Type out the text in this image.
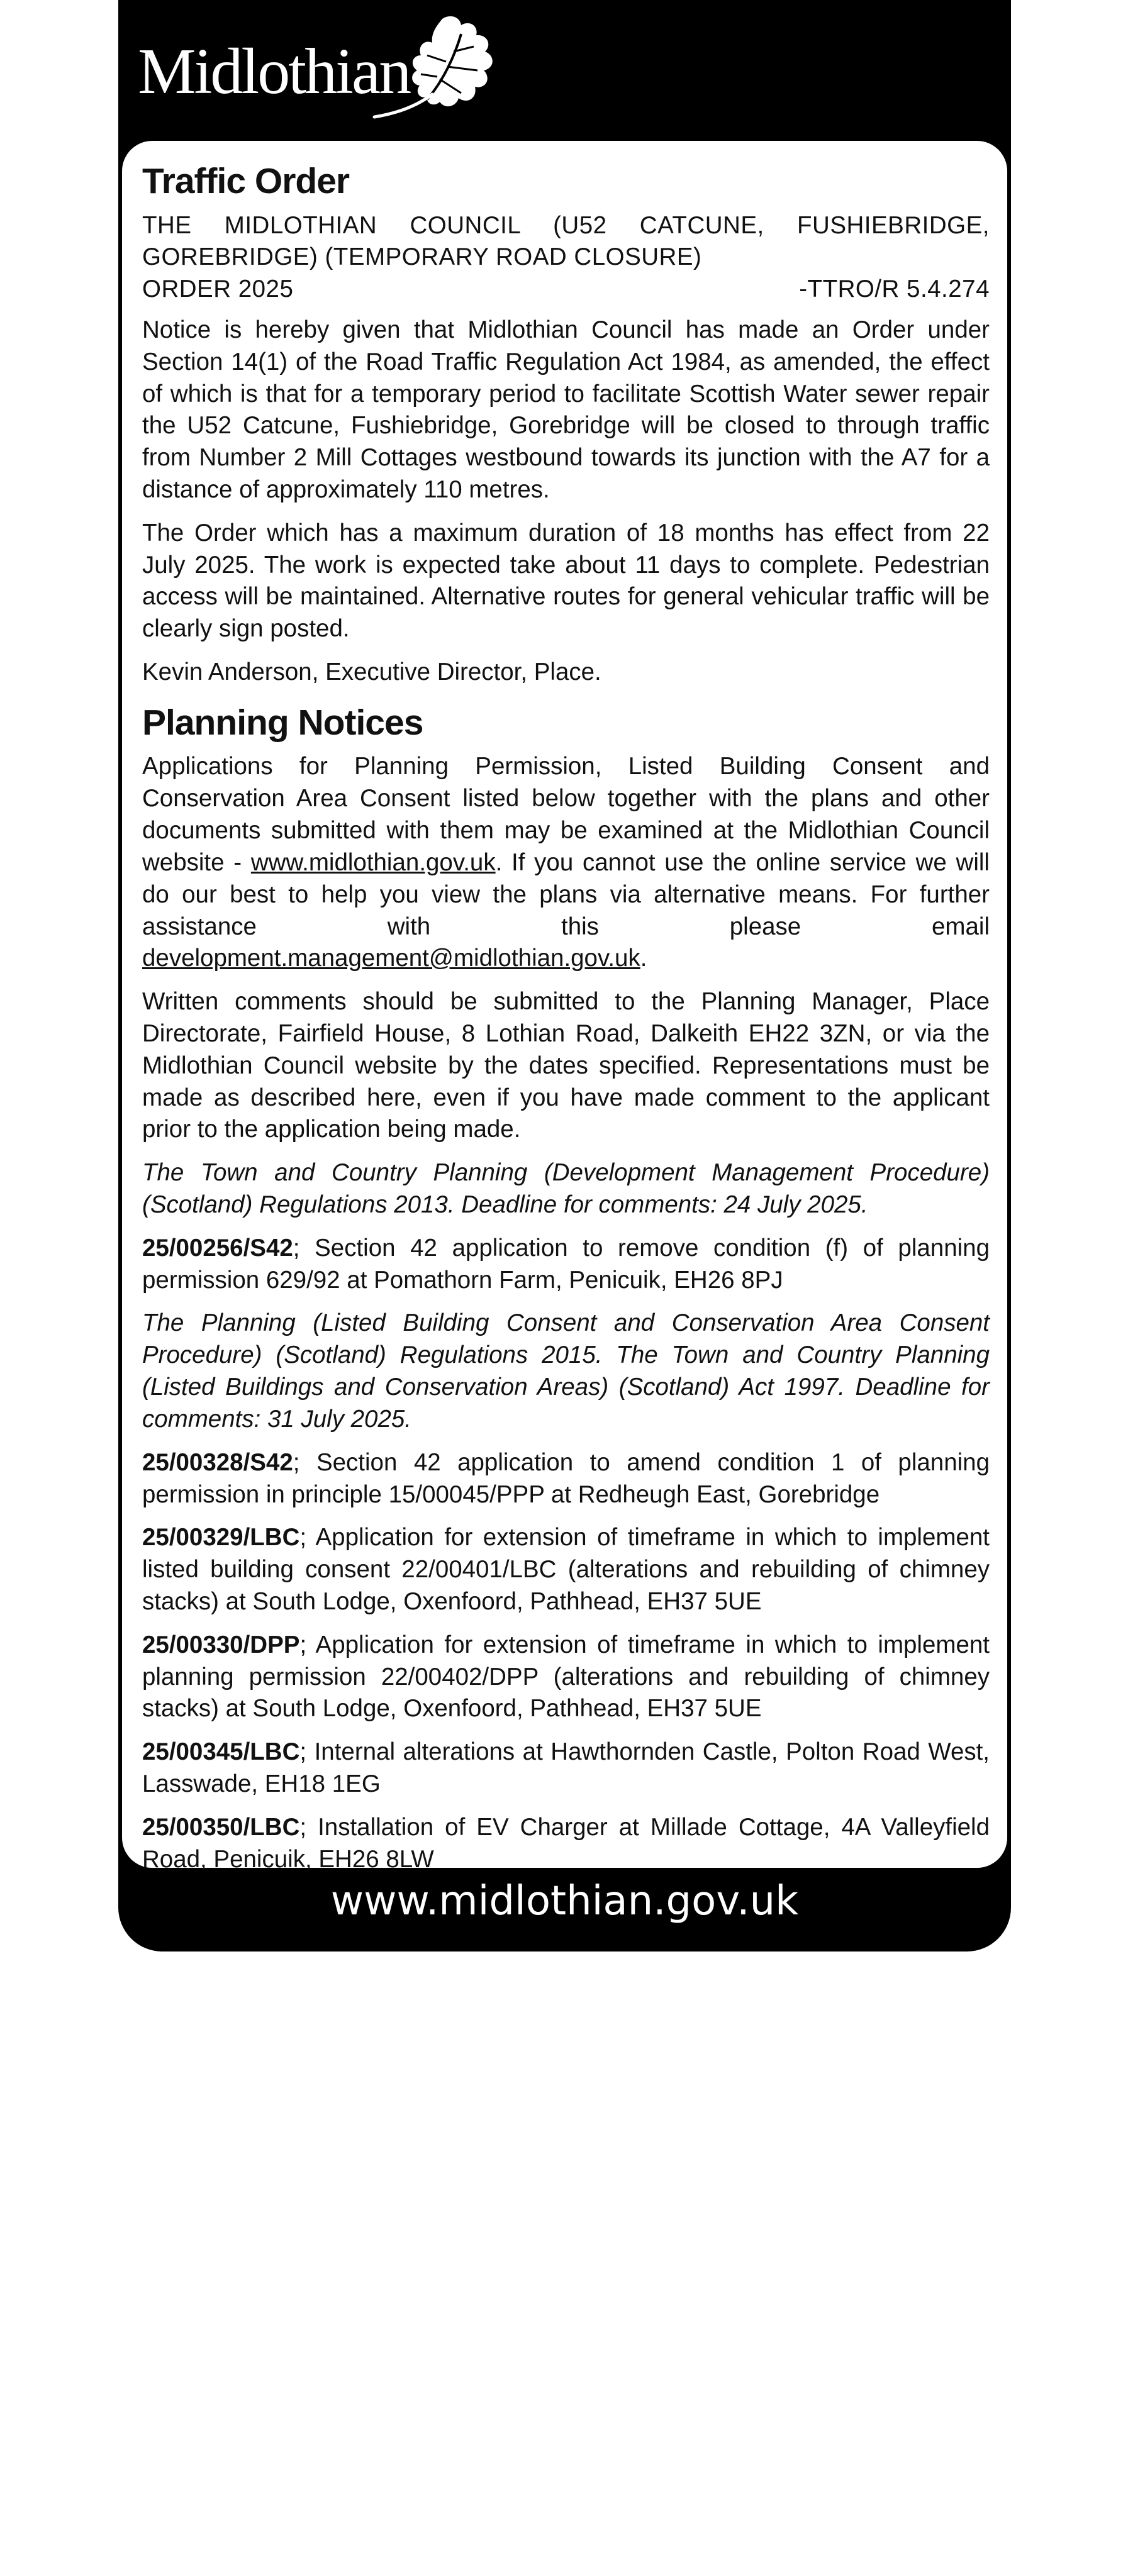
Midlothian
Traffic Order

THE MIDLOTHIAN COUNCIL (U52 CATCUNE, FUSHIEBRIDGE, GOREBRIDGE) (TEMPORARY ROAD CLOSURE)
ORDER 2025	-TTRO/R 5.4.274

Notice is hereby given that Midlothian Council has made an Order under Section 14(1) of the Road Traffic Regulation Act 1984, as amended, the effect of which is that for a temporary period to facilitate Scottish Water sewer repair the U52 Catcune, Fushiebridge, Gorebridge will be closed to through traffic from Number 2 Mill Cottages westbound towards its junction with the A7 for a distance of approximately 110 metres.

The Order which has a maximum duration of 18 months has effect from 22 July 2025. The work is expected take about 11 days to complete. Pedestrian access will be maintained. Alternative routes for general vehicular traffic will be clearly sign posted.

Kevin Anderson, Executive Director, Place.

Planning Notices

Applications for Planning Permission, Listed Building Consent and Conservation Area Consent listed below together with the plans and other documents submitted with them may be examined at the Midlothian Council website - www.midlothian.gov.uk. If you cannot use the online service we will do our best to help you view the plans via alternative means. For further assistance with this please email development.management@midlothian.gov.uk.

Written comments should be submitted to the Planning Manager, Place Directorate, Fairfield House, 8 Lothian Road, Dalkeith EH22 3ZN, or via the Midlothian Council website by the dates specified. Representations must be made as described here, even if you have made comment to the applicant prior to the application being made.

The Town and Country Planning (Development Management Procedure) (Scotland) Regulations 2013. Deadline for comments: 24 July 2025.

25/00256/S42; Section 42 application to remove condition (f) of planning permission 629/92 at Pomathorn Farm, Penicuik, EH26 8PJ

The Planning (Listed Building Consent and Conservation Area Consent Procedure) (Scotland) Regulations 2015. The Town and Country Planning (Listed Buildings and Conservation Areas) (Scotland) Act 1997. Deadline for comments: 31 July 2025.

25/00328/S42; Section 42 application to amend condition 1 of planning permission in principle 15/00045/PPP at Redheugh East, Gorebridge

25/00329/LBC; Application for extension of timeframe in which to implement listed building consent 22/00401/LBC (alterations and rebuilding of chimney stacks) at South Lodge, Oxenfoord, Pathhead, EH37 5UE

25/00330/DPP; Application for extension of timeframe in which to implement planning permission 22/00402/DPP (alterations and rebuilding of chimney stacks) at South Lodge, Oxenfoord, Pathhead, EH37 5UE

25/00345/LBC; Internal alterations at Hawthornden Castle, Polton Road West, Lasswade, EH18 1EG

25/00350/LBC; Installation of EV Charger at Millade Cottage, 4A Valleyfield Road, Penicuik, EH26 8LW

www.midlothian.gov.uk
